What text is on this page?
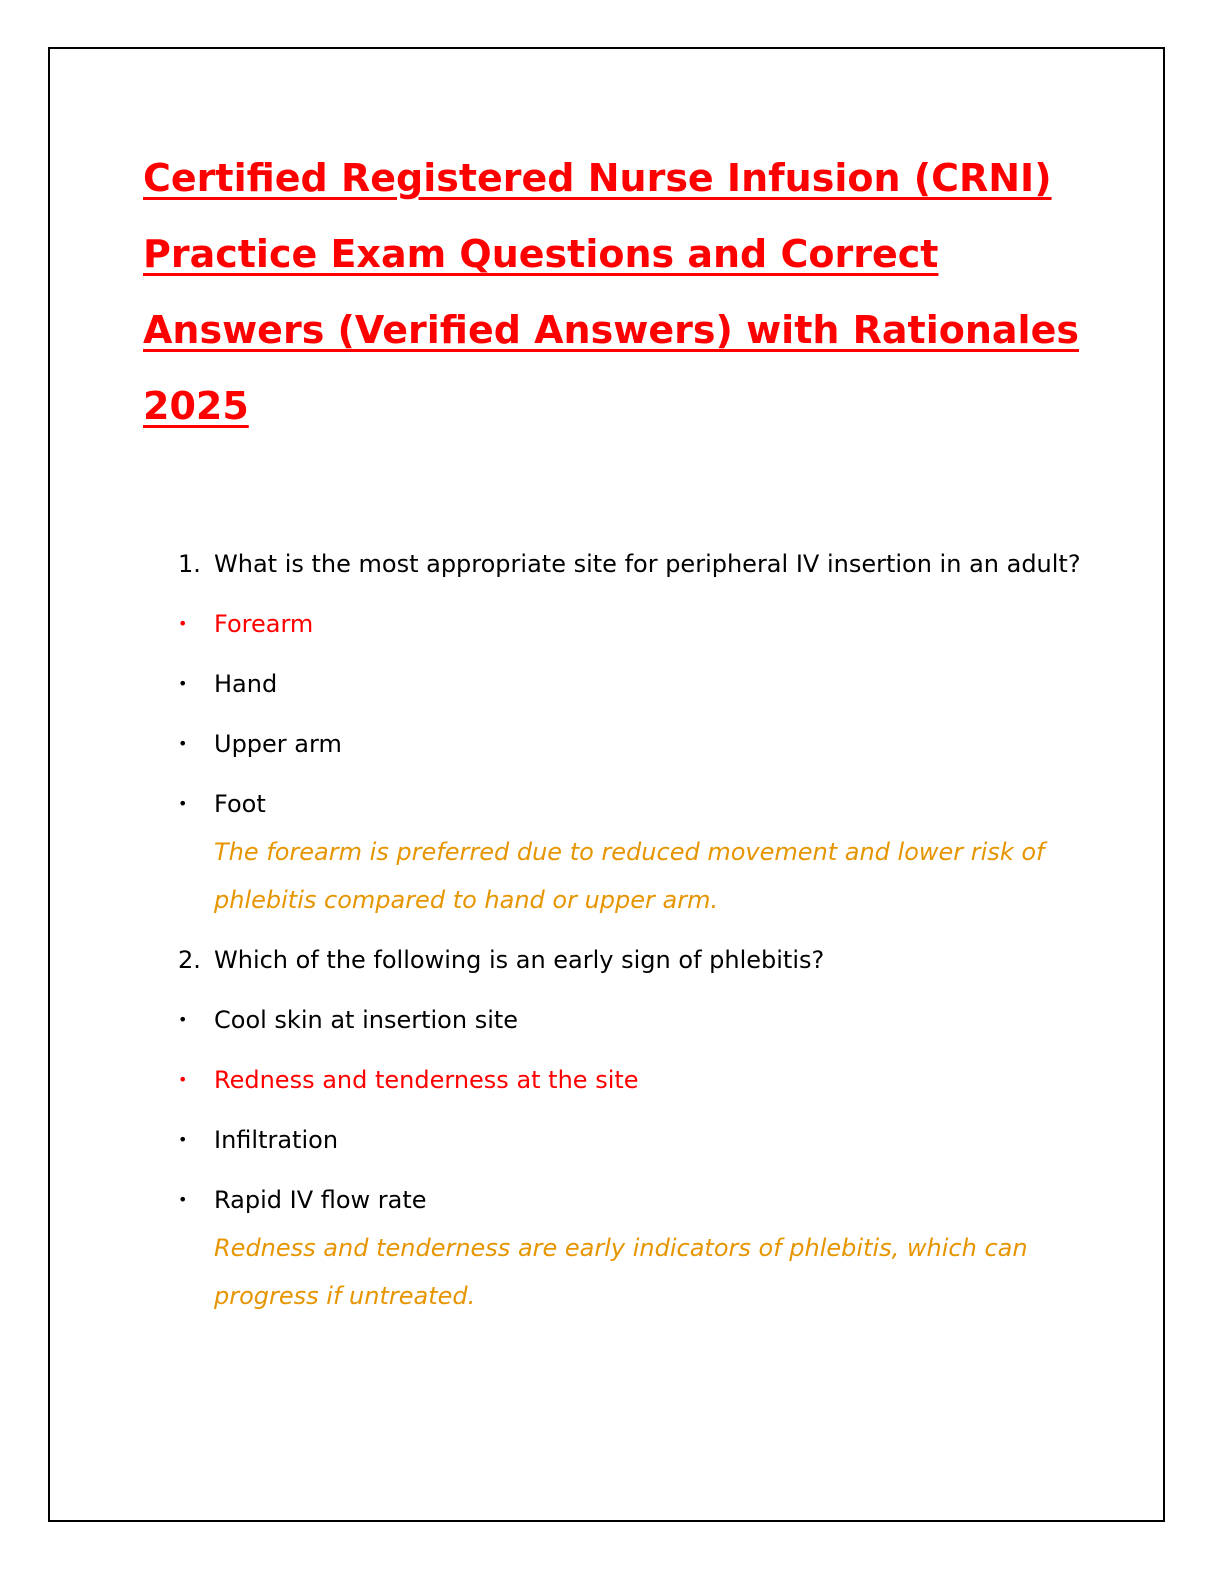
Certified Registered Nurse Infusion (CRNI)
Practice Exam Questions and Correct
Answers (Verified Answers) with Rationales
2025
1. What is the most appropriate site for peripheral IV insertion in an adult?
•	Forearm
•	Hand
•	Upper arm
•	Foot
The forearm is preferred due to reduced movement and lower risk of phlebitis compared to hand or upper arm.
2. Which of the following is an early sign of phlebitis?
•	Cool skin at insertion site
•	Redness and tenderness at the site
•	Infiltration
•	Rapid IV flow rate
Redness and tenderness are early indicators of phlebitis, which can progress if untreated.
